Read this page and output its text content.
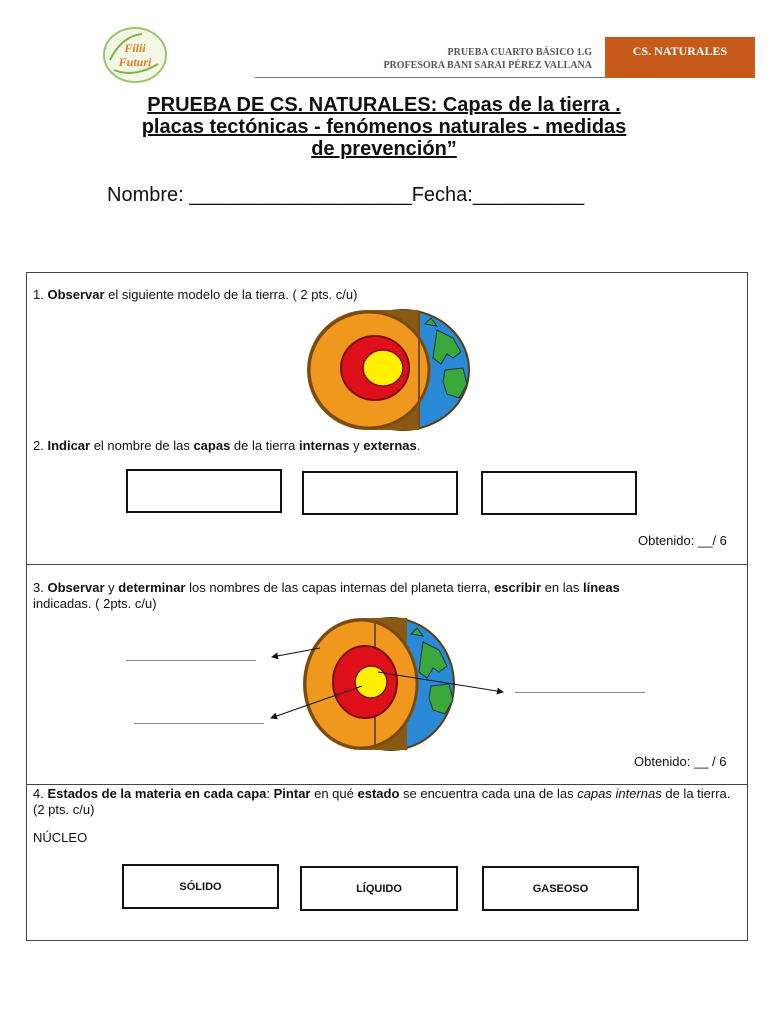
Filii
Futuri
PRUEBA CUARTO BÁSICO 1.G
PROFESORA BANI SARAI PÉREZ VALLANA
CS. NATURALES
PRUEBA DE CS. NATURALES: Capas de la tierra .
placas tectónicas - fenómenos naturales - medidas
de prevención”
Nombre: ____________________Fecha:__________
1. Observar el siguiente modelo de la tierra. ( 2 pts. c/u)
2. Indicar el nombre de las capas de la tierra internas y externas.
Obtenido: __/ 6
3. Observar y determinar los nombres de las capas internas del planeta tierra, escribir en las líneas
indicadas. ( 2pts. c/u)
Obtenido: __ / 6
4. Estados de la materia en cada capa: Pintar en qué estado se encuentra cada una de las capas internas de la tierra. (2 pts. c/u)
NÚCLEO
SÓLIDO	LÍQUIDO	GASEOSO
